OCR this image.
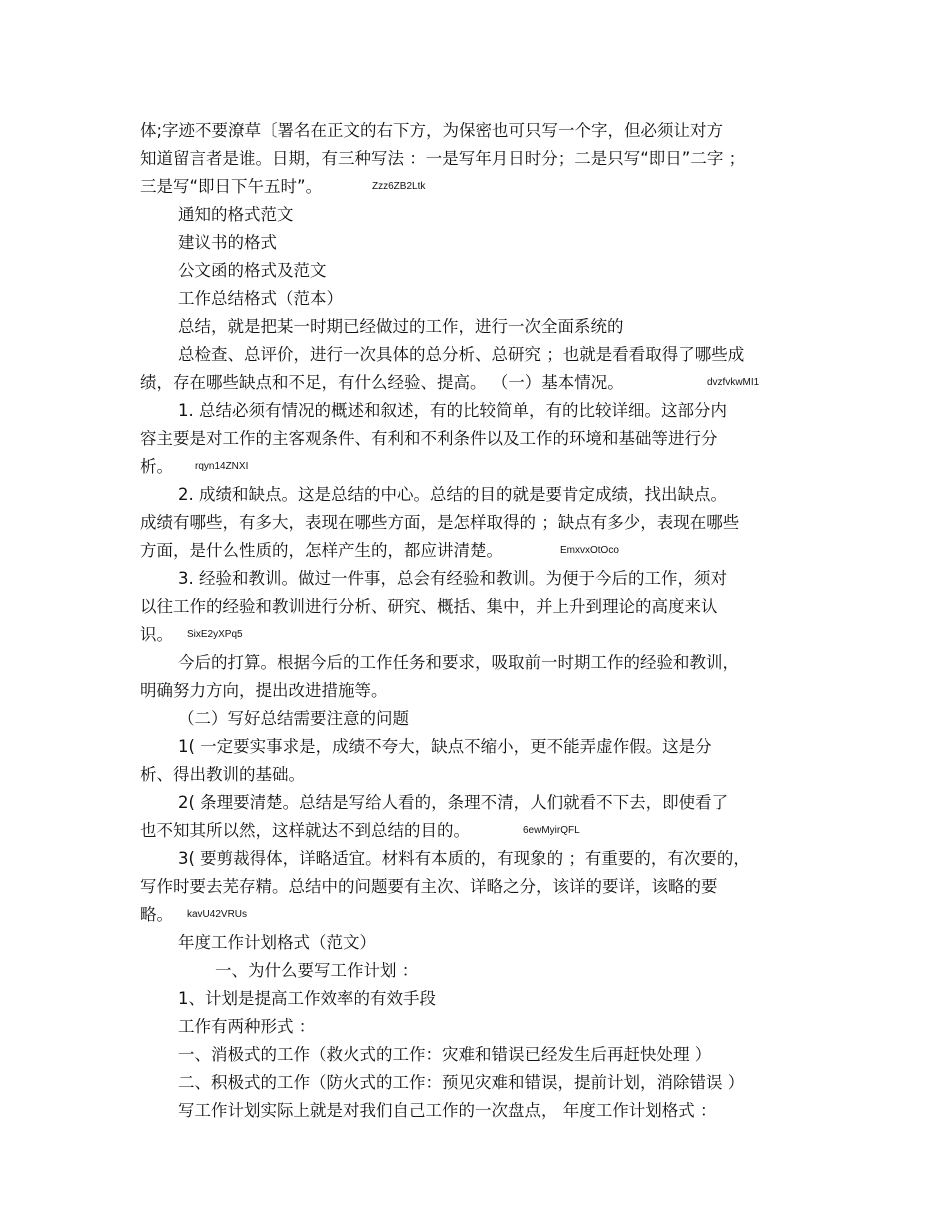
体;字迹不要潦草〔署名在正文的右下方，为保密也可只写一个字，但必须让对方
知道留言者是谁。日期，有三种写法 ：一是写年月日时分；二是只写“即日”二字 ；
三是写“即日下午五时”。	Zzz6ZB2Ltk
通知的格式范文
建议书的格式
公文函的格式及范文
工作总结格式（范本）
总结，就是把某一时期已经做过的工作，进行一次全面系统的
总检查、总评价，进行一次具体的总分析、总研究 ；也就是看看取得了哪些成
绩，存在哪些缺点和不足，有什么经验、提高。 （一）基本情况。	dvzfvkwMI1
1. 总结必须有情况的概述和叙述，有的比较简单，有的比较详细。这部分内
容主要是对工作的主客观条件、有利和不利条件以及工作的环境和基础等进行分
析。 rqyn14ZNXI
2. 成绩和缺点。这是总结的中心。总结的目的就是要肯定成绩，找出缺点。
成绩有哪些，有多大，表现在哪些方面，是怎样取得的 ；缺点有多少，表现在哪些
方面，是什么性质的，怎样产生的，都应讲清楚。	EmxvxOtOco
3. 经验和教训。做过一件事，总会有经验和教训。为便于今后的工作，须对
以往工作的经验和教训进行分析、研究、概括、集中，并上升到理论的高度来认
识。 SixE2yXPq5
今后的打算。根据今后的工作任务和要求，吸取前一时期工作的经验和教训，
明确努力方向，提出改进措施等。
（二）写好总结需要注意的问题
1( 一定要实事求是，成绩不夸大，缺点不缩小，更不能弄虚作假。这是分
析、得出教训的基础。
2( 条理要清楚。总结是写给人看的，条理不清，人们就看不下去，即使看了
也不知其所以然，这样就达不到总结的目的。	6ewMyirQFL
3( 要剪裁得体，详略适宜。材料有本质的，有现象的 ；有重要的，有次要的，
写作时要去芜存精。总结中的问题要有主次、详略之分，该详的要详，该略的要
略。 kavU42VRUs
年度工作计划格式（范文）
一、为什么要写工作计划 ：
1、计划是提高工作效率的有效手段
工作有两种形式 ：
一、消极式的工作（救火式的工作：灾难和错误已经发生后再赶快处理 ）
二、积极式的工作（防火式的工作：预见灾难和错误，提前计划，消除错误 ）
写工作计划实际上就是对我们自己工作的一次盘点， 年度工作计划格式 ：
